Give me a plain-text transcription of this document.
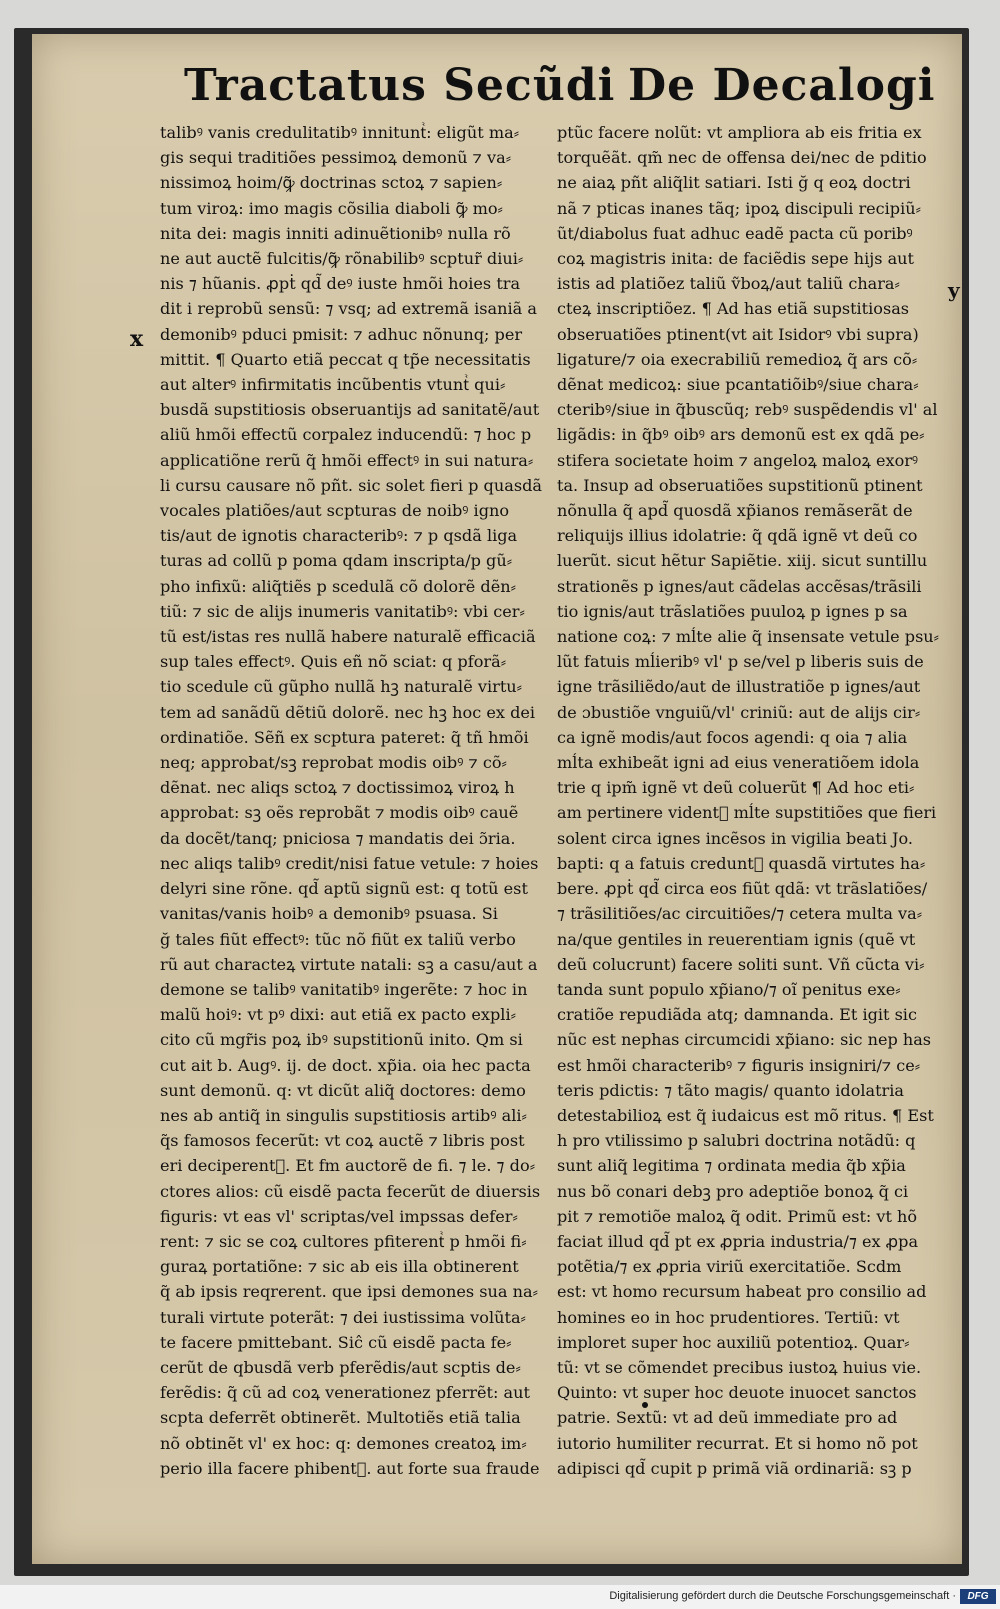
Tractatus Secũdi De Decalogi
talibꝰ vanis credulitatibꝰ innituntᷣ: eligũt ma⸗
gis sequi traditiões pessimoꝝ demonũ ⁊ va⸗
nissimoꝝ hoim/ꝙ̃ doctrinas sctoꝝ ⁊ sapien⸗
tum viroꝝ: imo magis cõsilia diaboli ꝙ̃ mo⸗
nita dei: magis inniti adinuẽtionibꝰ nulla rõ
ne aut auctẽ fulcitis/ꝙ̃ rõnabilibꝰ scptur̃ diui⸗
nis ⁊ hũanis. ꝓpṫ qd̃ deꝰ iuste hmõi hoies tra
dit i reprobũ sensũ: ⁊ vsq; ad extremã isaniã a
demonibꝰ pduci pmisit: ⁊ adhuc nõnunq; per
mittit. ¶ Quarto etiã peccat q tp̃e necessitatis
aut alterꝰ infirmitatis incũbentis vtuntᷣ qui⸗
busdã supstitiosis obseruantijs ad sanitatẽ/aut
aliũ hmõi effectũ corpalez inducendũ: ⁊ hoc p
applicatiõne rerũ q̃ hmõi effectꝰ in sui natura⸗
li cursu causare nõ pñt. sic solet fieri p quasdã
vocales platiões/aut scpturas de noibꝰ igno
tis/aut de ignotis characteribꝰ: ⁊ p qsdã liga
turas ad collũ p poma qdam inscripta/p gũ⸗
pho infixũ: aliq̃tiẽs p scedulã cõ dolorẽ dẽn⸗
tiũ: ⁊ sic de alijs inumeris vanitatibꝰ: vbi cer⸗
tũ est/istas res nullã habere naturalẽ efficaciã
sup tales effectꝰ. Quis eñ nõ sciat: q pforã⸗
tio scedule cũ gũpho nullã hꝫ naturalẽ virtu⸗
tem ad sanãdũ dẽtiũ dolorẽ. nec hꝫ hoc ex dei
ordinatiõe. Sẽñ ex scptura pateret: q̃ tñ hmõi
neq; approbat/sꝫ reprobat modis oibꝰ ⁊ cõ⸗
dẽnat. nec aliqs sctoꝝ ⁊ doctissimoꝝ viroꝝ h
approbat: sꝫ oẽs reprobãt ⁊ modis oibꝰ cauẽ
da docẽt/tanq; pniciosa ⁊ mandatis dei ɔ̃ria.
nec aliqs talibꝰ credit/nisi fatue vetule: ⁊ hoies
delyri sine rõne. qd̃ aptũ signũ est: q totũ est
vanitas/vanis hoibꝰ a demonibꝰ psuasa. Si
ğ tales fiũt effectꝰ: tũc nõ fiũt ex taliũ verbo
rũ aut characteꝝ virtute natali: sꝫ a casu/aut a
demone se talibꝰ vanitatibꝰ ingerẽte: ⁊ hoc in
malũ hoiꝰ: vt pꝰ dixi: aut etiã ex pacto expli⸗
cito cũ mgr̃is poꝝ ibꝰ supstitionũ inito. Qm si
cut ait b. Augꝰ. ij. de doct. xp̃ia. oia hec pacta
sunt demonũ. q: vt dicũt aliq̃ doctores: demo
nes ab antiq̃ in singulis supstitiosis artibꝰ ali⸗
q̃s famosos fecerũt: vt coꝝ auctẽ ⁊ libris post
eri deciperentᷣ. Et fm auctorẽ de fi. ⁊ le. ⁊ do⸗
ctores alios: cũ eisdẽ pacta fecerũt de diuersis
figuris: vt eas vl' scriptas/vel impssas defer⸗
rent: ⁊ sic se coꝝ cultores pfiterentᷣ p hmõi fi⸗
guraꝝ portatiõne: ⁊ sic ab eis illa obtinerent
q̃ ab ipsis reqrerent. que ipsi demones sua na⸗
turali virtute poterãt: ⁊ dei iustissima volũta⸗
te facere pmittebant. Siĉ cũ eisdẽ pacta fe⸗
cerũt de qbusdã verb pferẽdis/aut scptis de⸗
ferẽdis: q̃ cũ ad coꝝ venerationez pferrẽt: aut
scpta deferrẽt obtinerẽt. Multotiẽs etiã talia
nõ obtinẽt vl' ex hoc: q: demones creatoꝝ im⸗
perio illa facere phibentᷣ. aut forte sua fraude
ptũc facere nolũt: vt ampliora ab eis fritia ex
torquẽãt. qm̃ nec de offensa dei/nec de pditio
ne aiaꝝ pñt aliq̃lit satiari. Isti ğ q eoꝝ doctri
nã ⁊ pticas inanes tãq; ipoꝝ discipuli recipiũ⸗
ũt/diabolus fuat adhuc eadẽ pacta cũ poribꝰ
coꝝ magistris inita: de faciẽdis sepe hijs aut
istis ad platiõez taliũ ṽboꝝ/aut taliũ chara⸗
cteꝝ inscriptiõez. ¶ Ad has etiã supstitiosas
obseruatiões ptinent(vt ait Isidorꝰ vbi supra)
ligature/⁊ oia execrabiliũ remedioꝝ q̃ ars cõ⸗
dẽnat medicoꝝ: siue pcantatiõibꝰ/siue chara⸗
cteribꝰ/siue in q̃buscũq; rebꝰ suspẽdendis vl' al
ligãdis: in q̃bꝰ oibꝰ ars demonũ est ex qdã pe⸗
stifera societate hoim ⁊ angeloꝝ maloꝝ exorꝰ
ta. Insup ad obseruatiões supstitionũ ptinent
nõnulla q̃ apd̃ quosdã xp̃ianos remãserãt de
reliquijs illius idolatrie: q̃ qdã ignẽ vt deũ co
luerũt. sicut hẽtur Sapiẽtie. xiij. sicut suntillu
strationẽs p ignes/aut cãdelas accẽsas/trãsili
tio ignis/aut trãslatiões puuloꝝ p ignes p sa
natione coꝝ: ⁊ mĺte alie q̃ insensate vetule psu⸗
lũt fatuis mĺieribꝰ vl' p se/vel p liberis suis de
igne trãsiliẽdo/aut de illustratiõe p ignes/aut
de ɔbustiõe vnguiũ/vl' criniũ: aut de alijs cir⸗
ca ignẽ modis/aut focos agendi: q oia ⁊ alia
mĺta exhibeãt igni ad eius veneratiõem idola
trie q ipm̃ ignẽ vt deũ coluerũt ¶ Ad hoc eti⸗
am pertinere videntᷣ mĺte supstitiões que fieri
solent circa ignes incẽsos in vigilia beati Jo.
bapti: q a fatuis creduntᷣ quasdã virtutes ha⸗
bere. ꝓpṫ qd̃ circa eos fiũt qdã: vt trãslatiões/
⁊ trãsilitiões/ac circuitiões/⁊ cetera multa va⸗
na/que gentiles in reuerentiam ignis (quẽ vt
deũ colucrunt) facere soliti sunt. Vñ cũcta vi⸗
tanda sunt populo xp̃iano/⁊ oĩ penitus exe⸗
cratiõe repudiãda atq; damnanda. Et igit sic
nũc est nephas circumcidi xp̃iano: sic nep has
est hmõi characteribꝰ ⁊ figuris insigniri/⁊ ce⸗
teris pdictis: ⁊ tãto magis/ quanto idolatria
detestabilioꝝ est q̃ iudaicus est mõ ritus. ¶ Est
h pro vtilissimo p salubri doctrina notãdũ: q
sunt aliq̃ legitima ⁊ ordinata media q̃b xp̃ia
nus bõ conari debꝫ pro adeptiõe bonoꝝ q̃ ci
pit ⁊ remotiõe maloꝝ q̃ odit. Primũ est: vt hõ
faciat illud qd̃ pt ex ꝓpria industria/⁊ ex ꝓpa
potẽtia/⁊ ex ꝓpria viriũ exercitatiõe. Scdm
est: vt homo recursum habeat pro consilio ad
homines eo in hoc prudentiores. Tertiũ: vt
imploret super hoc auxiliũ potentioꝝ. Quar⸗
tũ: vt se cõmendet precibus iustoꝝ huius vie.
Quinto: vt super hoc deuote inuocet sanctos
patrie. Sextũ: vt ad deũ immediate pro ad
iutorio humiliter recurrat. Et si homo nõ pot
adipisci qd̃ cupit p primã viã ordinariã: sꝫ p
x
y
Digitalisierung gefördert durch die Deutsche Forschungsgemeinschaft ·	DFG
